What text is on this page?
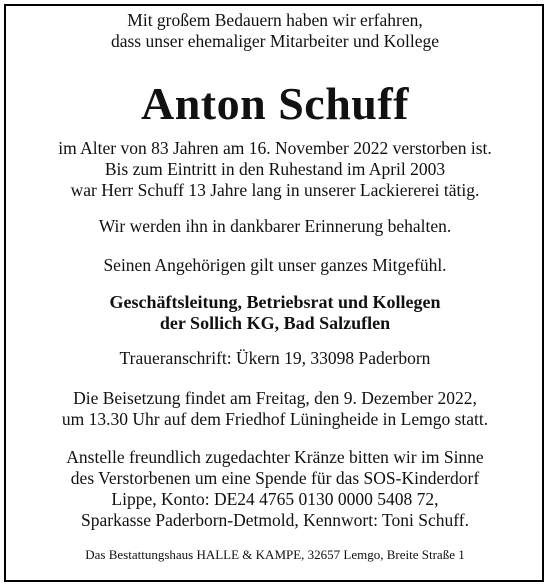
Mit großem Bedauern haben wir erfahren,
dass unser ehemaliger Mitarbeiter und Kollege
Anton Schuff
im Alter von 83 Jahren am 16. November 2022 verstorben ist.
Bis zum Eintritt in den Ruhestand im April 2003
war Herr Schuff 13 Jahre lang in unserer Lackiererei tätig.
Wir werden ihn in dankbarer Erinnerung behalten.
Seinen Angehörigen gilt unser ganzes Mitgefühl.
Geschäftsleitung, Betriebsrat und Kollegen
der Sollich KG, Bad Salzuflen
Traueranschrift: Ükern 19, 33098 Paderborn
Die Beisetzung findet am Freitag, den 9. Dezember 2022,
um 13.30 Uhr auf dem Friedhof Lüningheide in Lemgo statt.
Anstelle freundlich zugedachter Kränze bitten wir im Sinne
des Verstorbenen um eine Spende für das SOS-Kinderdorf
Lippe, Konto: DE24 4765 0130 0000 5408 72,
Sparkasse Paderborn-Detmold, Kennwort: Toni Schuff.
Das Bestattungshaus HALLE & KAMPE, 32657 Lemgo, Breite Straße 1
